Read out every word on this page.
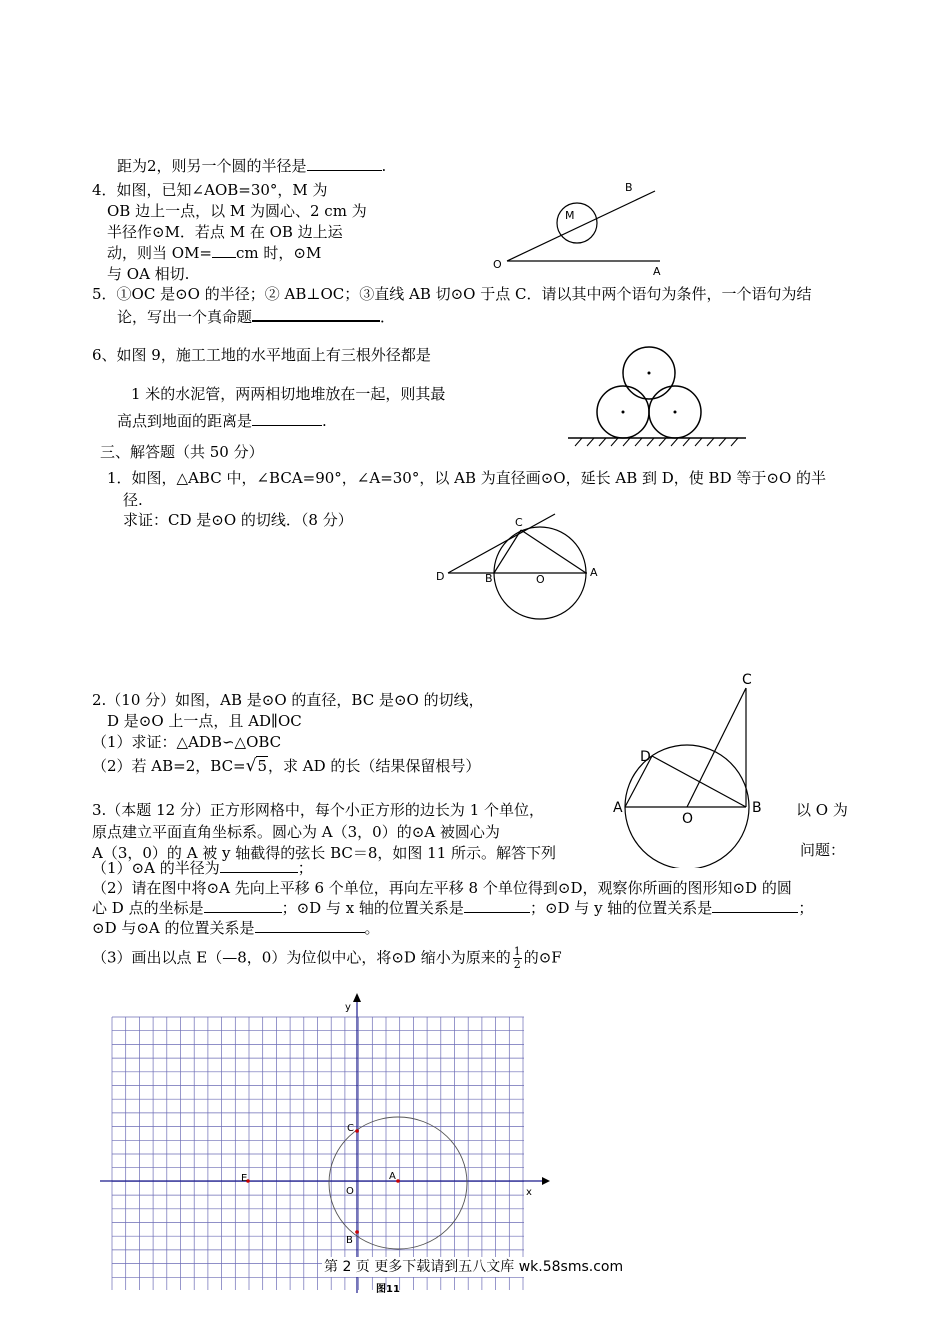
距为2，则另一个圆的半径是	.
4．如图，已知∠AOB=30°，M 为
OB 边上一点，以 M 为圆心、2 cm 为
半径作⊙M．若点 M 在 OB 边上运
动，则当 OM= cm 时，⊙M
与 OA 相切.
B
M
O
A
5．①OC 是⊙O 的半径；② AB⊥OC；③直线 AB 切⊙O 于点 C．请以其中两个语句为条件，一个语句为结
论，写出一个真命题	．
6、如图 9，施工工地的水平地面上有三根外径都是
1 米的水泥管，两两相切地堆放在一起，则其最
高点到地面的距离是	.
三、解答题（共 50 分）
1．如图，△ABC 中，∠BCA=90°，∠A=30°，以 AB 为直径画⊙O，延长 AB 到 D，使 BD 等于⊙O 的半
径.
求证：CD 是⊙O 的切线．（8 分）	C
D	B	O
A
2.（10 分）如图，AB 是⊙O 的直径，BC 是⊙O 的切线，
D 是⊙O 上一点，且 AD∥OC
（1）求证：△ADB∽△OBC
（2）若 AB=2，BC=√5，求 AD 的长（结果保留根号）
C
D
A
O
B
3.（本题 12 分）正方形网格中，每个小正方形的边长为 1 个单位，	以 O 为
原点建立平面直角坐标系。圆心为 A（3，0）的⊙A 被圆心为
A（3，0）的 A 被 y 轴截得的弦长 BC＝8，如图 11 所示。解答下列	问题：
（1）⊙A 的半径为	；
（2）请在图中将⊙A 先向上平移 6 个单位，再向左平移 8 个单位得到⊙D，观察你所画的图形知⊙D 的圆
心 D 点的坐标是	；⊙D 与 x 轴的位置关系是	；⊙D 与 y 轴的位置关系是	；
⊙D 与⊙A 的位置关系是	。
（3）画出以点 E（—8，0）为位似中心，将⊙D 缩小为原来的 $\frac{1}{2}$ 的⊙F
y
x
C
E	A
O
B
第 2 页 更多下载请到五八文库 wk.58sms.com
图11
